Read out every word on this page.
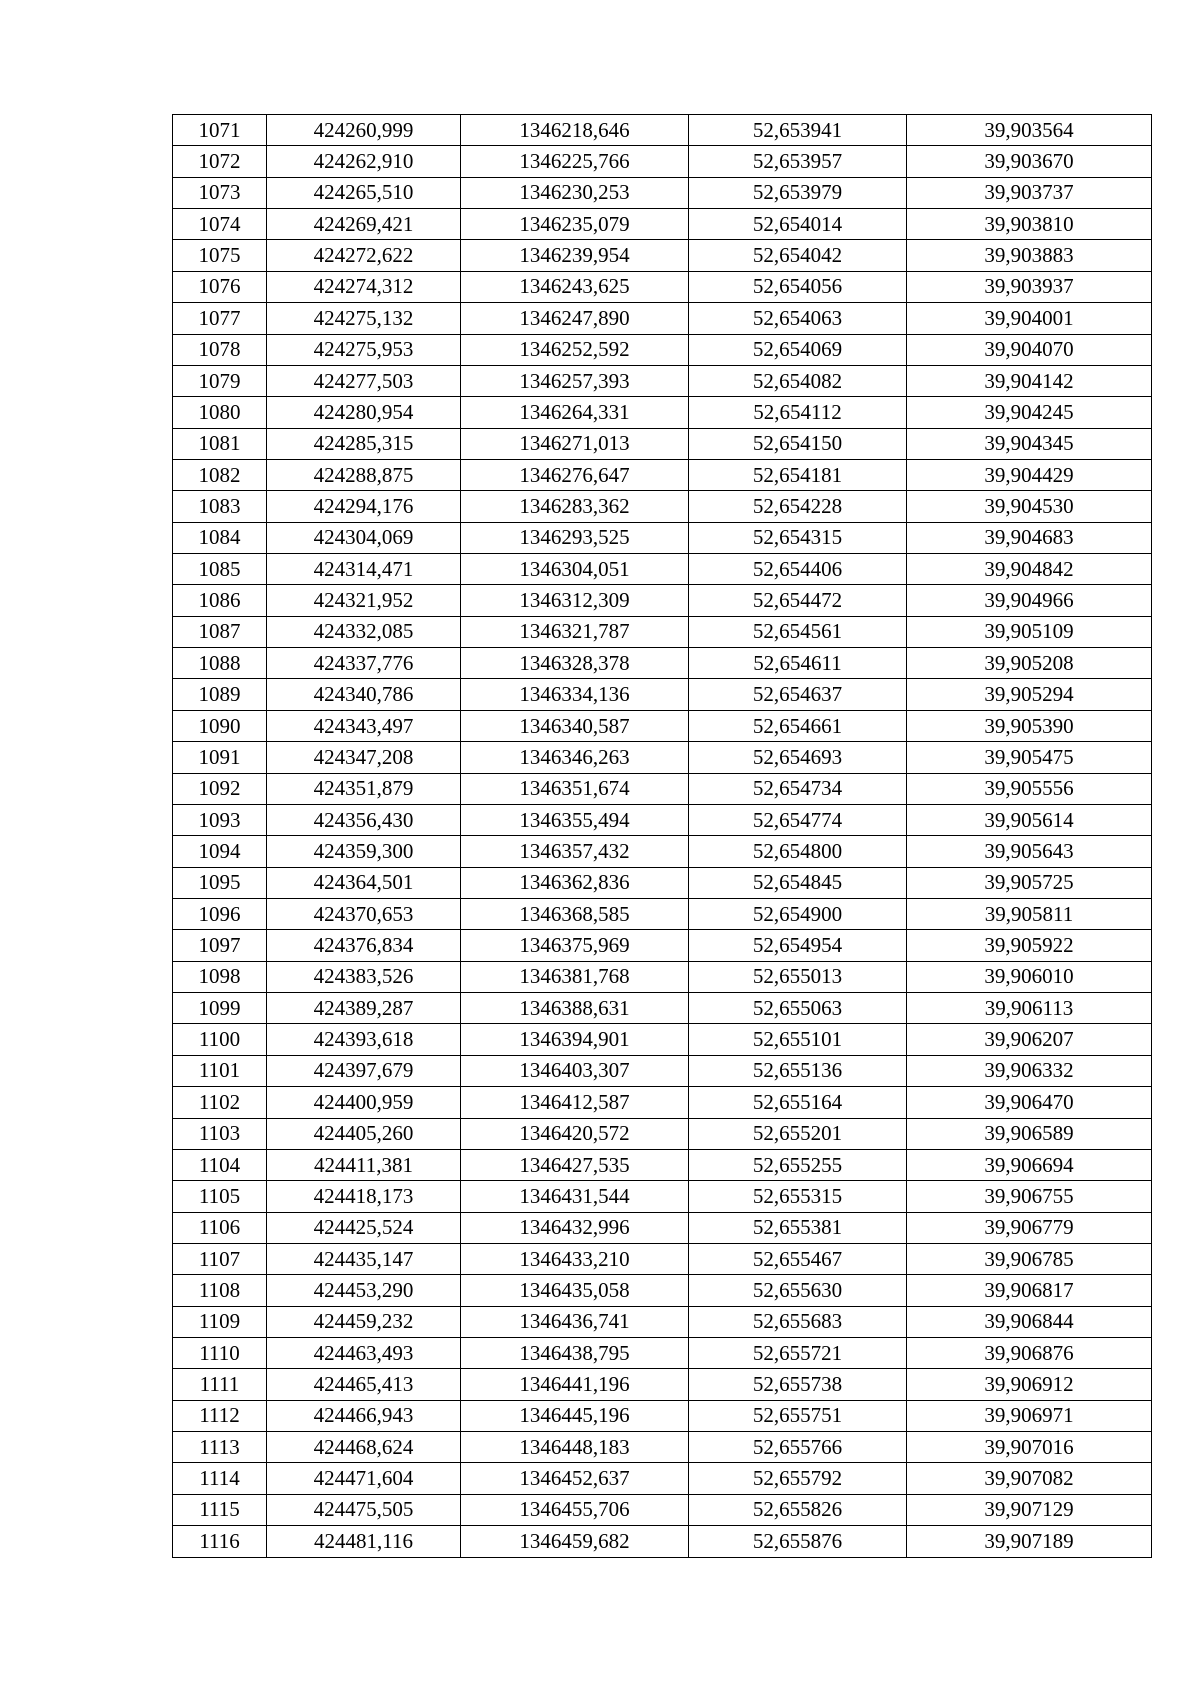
1071	424260,999	1346218,646	52,653941	39,903564
1072	424262,910	1346225,766	52,653957	39,903670
1073	424265,510	1346230,253	52,653979	39,903737
1074	424269,421	1346235,079	52,654014	39,903810
1075	424272,622	1346239,954	52,654042	39,903883
1076	424274,312	1346243,625	52,654056	39,903937
1077	424275,132	1346247,890	52,654063	39,904001
1078	424275,953	1346252,592	52,654069	39,904070
1079	424277,503	1346257,393	52,654082	39,904142
1080	424280,954	1346264,331	52,654112	39,904245
1081	424285,315	1346271,013	52,654150	39,904345
1082	424288,875	1346276,647	52,654181	39,904429
1083	424294,176	1346283,362	52,654228	39,904530
1084	424304,069	1346293,525	52,654315	39,904683
1085	424314,471	1346304,051	52,654406	39,904842
1086	424321,952	1346312,309	52,654472	39,904966
1087	424332,085	1346321,787	52,654561	39,905109
1088	424337,776	1346328,378	52,654611	39,905208
1089	424340,786	1346334,136	52,654637	39,905294
1090	424343,497	1346340,587	52,654661	39,905390
1091	424347,208	1346346,263	52,654693	39,905475
1092	424351,879	1346351,674	52,654734	39,905556
1093	424356,430	1346355,494	52,654774	39,905614
1094	424359,300	1346357,432	52,654800	39,905643
1095	424364,501	1346362,836	52,654845	39,905725
1096	424370,653	1346368,585	52,654900	39,905811
1097	424376,834	1346375,969	52,654954	39,905922
1098	424383,526	1346381,768	52,655013	39,906010
1099	424389,287	1346388,631	52,655063	39,906113
1100	424393,618	1346394,901	52,655101	39,906207
1101	424397,679	1346403,307	52,655136	39,906332
1102	424400,959	1346412,587	52,655164	39,906470
1103	424405,260	1346420,572	52,655201	39,906589
1104	424411,381	1346427,535	52,655255	39,906694
1105	424418,173	1346431,544	52,655315	39,906755
1106	424425,524	1346432,996	52,655381	39,906779
1107	424435,147	1346433,210	52,655467	39,906785
1108	424453,290	1346435,058	52,655630	39,906817
1109	424459,232	1346436,741	52,655683	39,906844
1110	424463,493	1346438,795	52,655721	39,906876
1111	424465,413	1346441,196	52,655738	39,906912
1112	424466,943	1346445,196	52,655751	39,906971
1113	424468,624	1346448,183	52,655766	39,907016
1114	424471,604	1346452,637	52,655792	39,907082
1115	424475,505	1346455,706	52,655826	39,907129
1116	424481,116	1346459,682	52,655876	39,907189
